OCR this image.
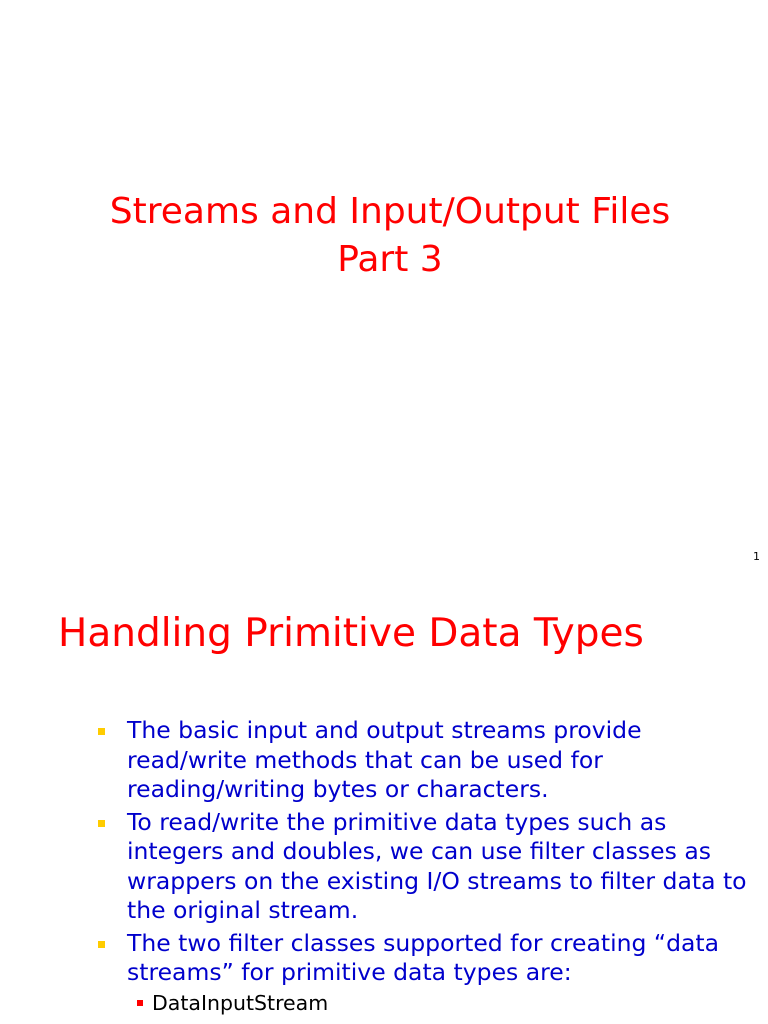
Streams and Input/Output Files
Part 3
1
Handling Primitive Data Types
The basic input and output streams provide read/write methods that can be used for reading/writing bytes or characters.
To read/write the primitive data types such as integers and doubles, we can use filter classes as wrappers on the existing I/O streams to filter data to the original stream.
The two filter classes supported for creating “data streams” for primitive data types are:
DataInputStream
